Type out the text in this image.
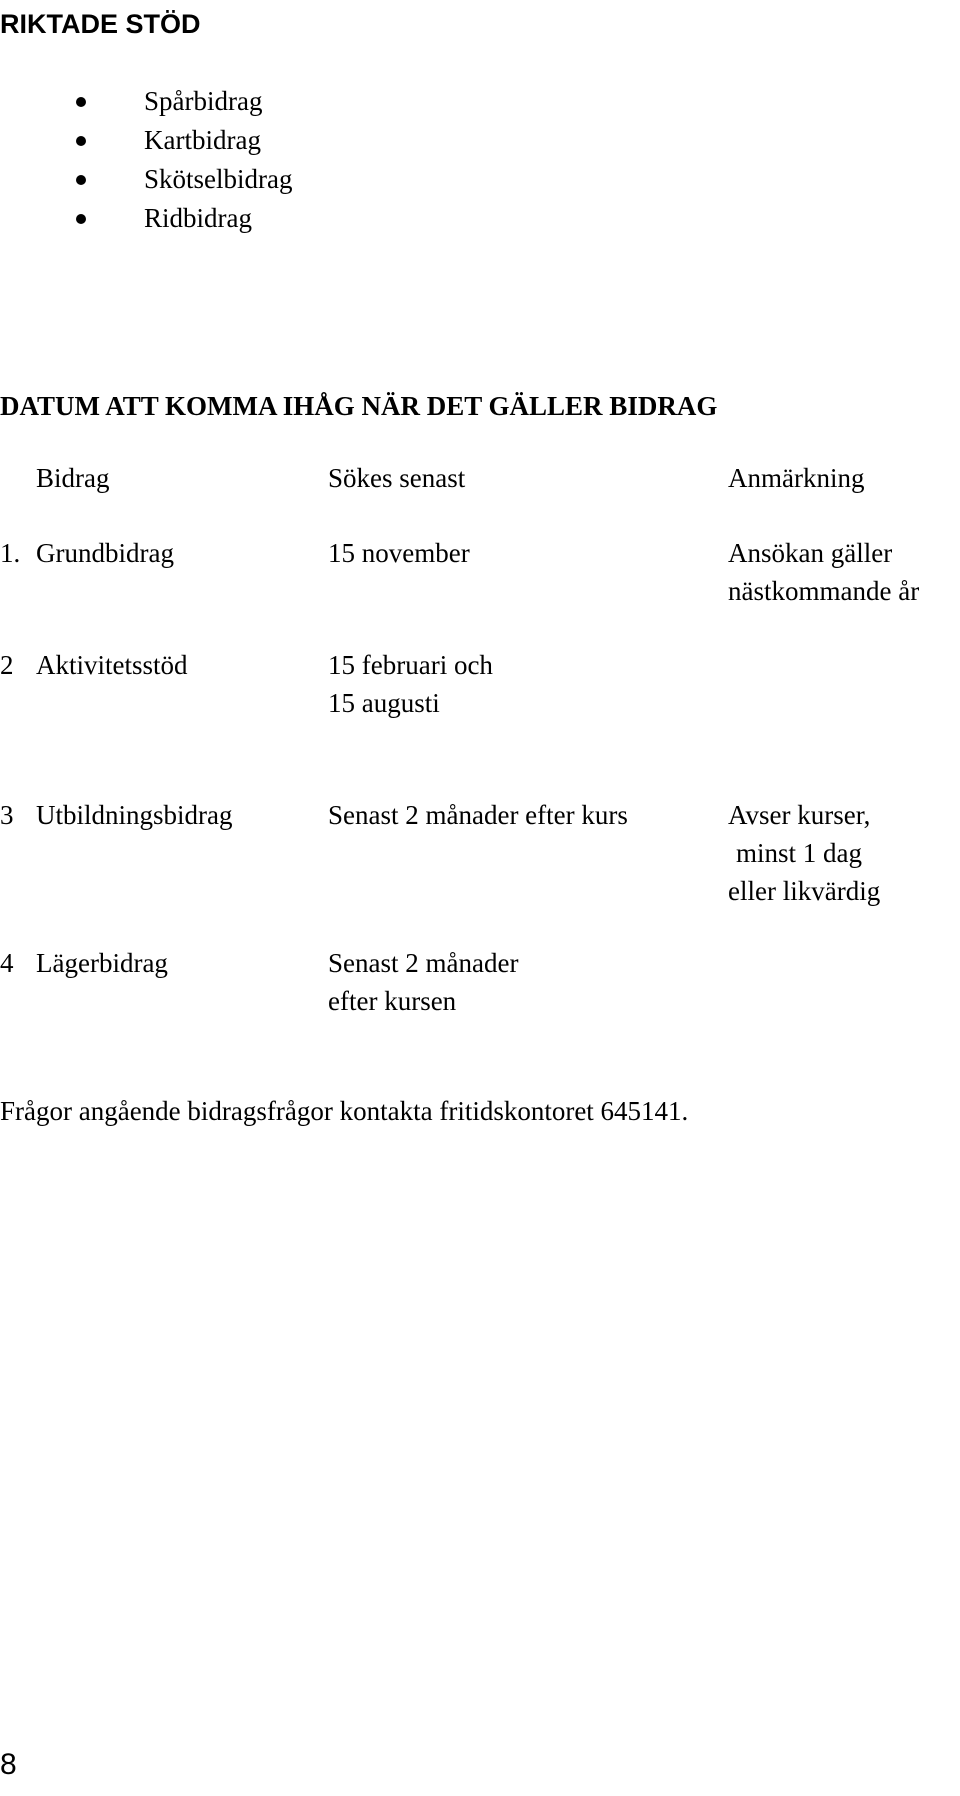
RIKTADE STÖD
Spårbidrag
Kartbidrag
Skötselbidrag
Ridbidrag
DATUM ATT KOMMA IHÅG NÄR DET GÄLLER BIDRAG
Bidrag	Sökes senast	Anmärkning
1. Grundbidrag	15 november	Ansökan gäller
nästkommande år
2 Aktivitetsstöd	15 februari och
15 augusti
3 Utbildningsbidrag	Senast 2 månader efter kurs	Avser kurser,
minst 1 dag
eller likvärdig
4 Lägerbidrag	Senast 2 månader
efter kursen
Frågor angående bidragsfrågor kontakta fritidskontoret 645141.
8
